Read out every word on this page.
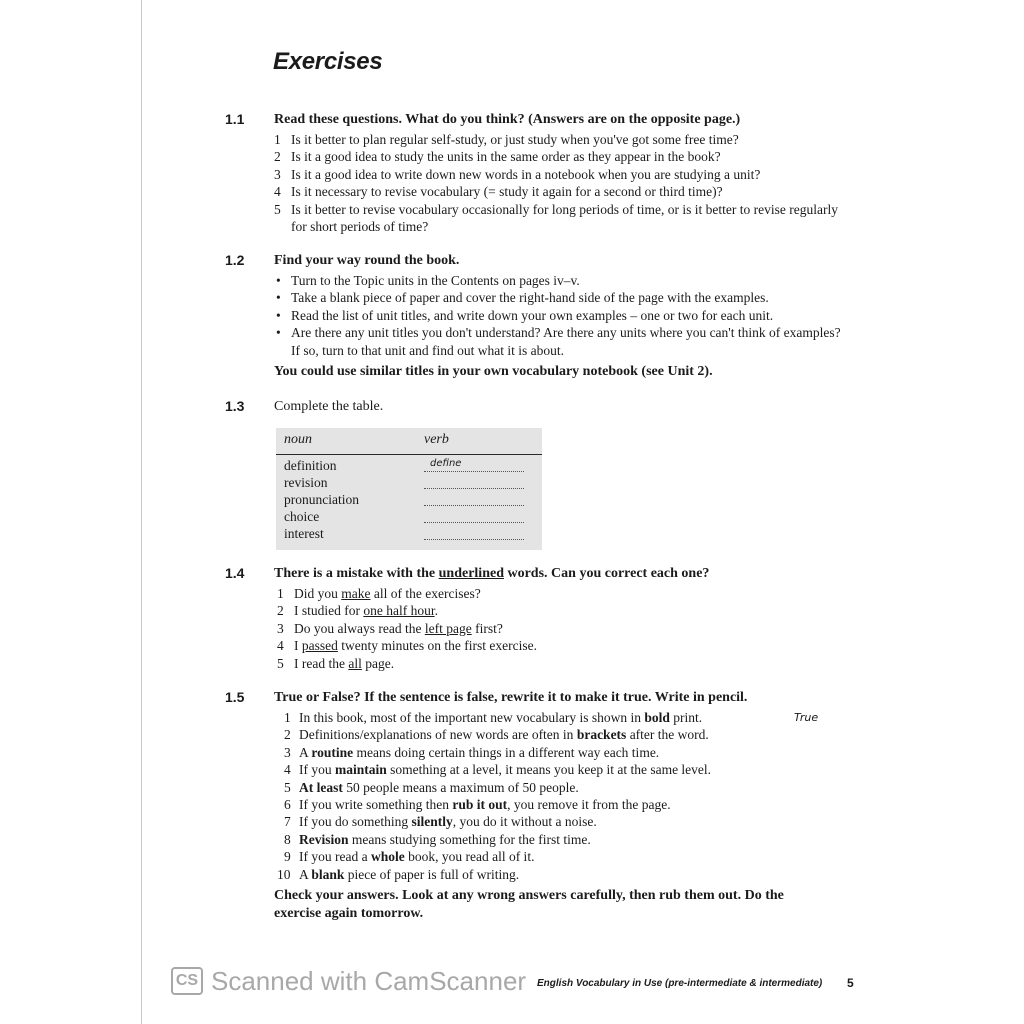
Exercises
1.1 Read these questions. What do you think? (Answers are on the opposite page.)

1 Is it better to plan regular self-study, or just study when you've got some free time?
2 Is it a good idea to study the units in the same order as they appear in the book?
3 Is it a good idea to write down new words in a notebook when you are studying a unit?
4 Is it necessary to revise vocabulary (= study it again for a second or third time)?
5 Is it better to revise vocabulary occasionally for long periods of time, or is it better to revise regularly for short periods of time?
1.2 Find your way round the book.

• Turn to the Topic units in the Contents on pages iv–v.
• Take a blank piece of paper and cover the right-hand side of the page with the examples.
• Read the list of unit titles, and write down your own examples – one or two for each unit.
• Are there any unit titles you don't understand? Are there any units where you can't think of examples? If so, turn to that unit and find out what it is about.

You could use similar titles in your own vocabulary notebook (see Unit 2).

1.3 Complete the table.

noun	verb
definition	define
revision
pronunciation
choice
interest
1.4 There is a mistake with the underlined words. Can you correct each one?

1 Did you make all of the exercises?
2 I studied for one half hour.
3 Do you always read the left page first?
4 I passed twenty minutes on the first exercise.
5 I read the all page.
1.5 True or False? If the sentence is false, rewrite it to make it true. Write in pencil.

1 In this book, most of the important new vocabulary is shown in bold print.
2 Definitions/explanations of new words are often in brackets after the word.
3 A routine means doing certain things in a different way each time.
4 If you maintain something at a level, it means you keep it at the same level.
5 At least 50 people means a maximum of 50 people.
6 If you write something then rub it out, you remove it from the page.
7 If you do something silently, you do it without a noise.
8 Revision means studying something for the first time.
9 If you read a whole book, you read all of it.
10 A blank piece of paper is full of writing.

Check your answers. Look at any wrong answers carefully, then rub them out. Do the exercise again tomorrow.

True
CS Scanned with CamScanner English Vocabulary in Use (pre-intermediate & intermediate) 5
